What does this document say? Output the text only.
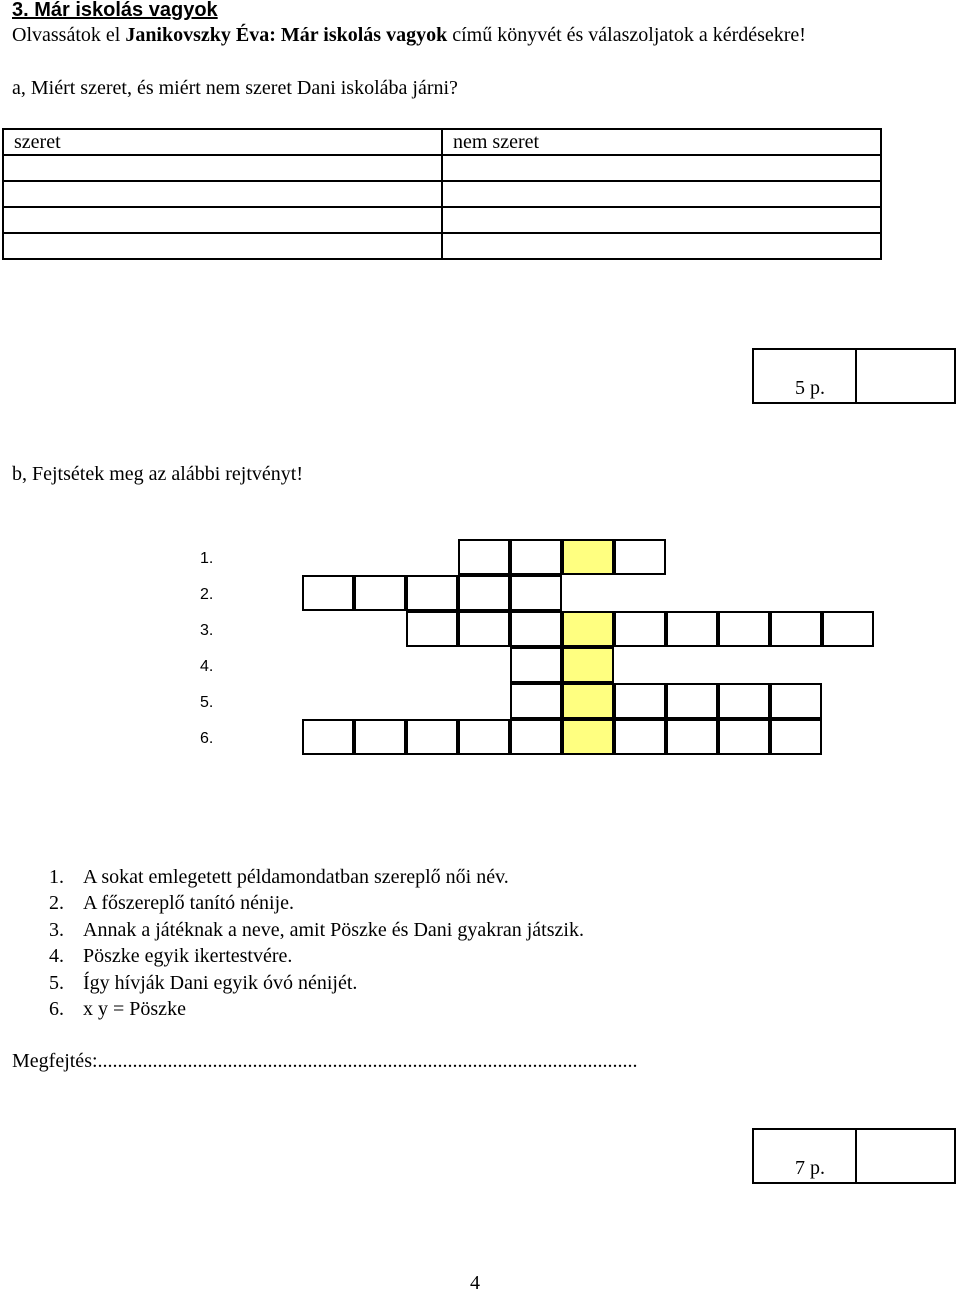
3. Már iskolás vagyok
Olvassátok el Janikovszky Éva: Már iskolás vagyok című könyvét és válaszoljatok a kérdésekre!
a, Miért szeret, és miért nem szeret Dani iskolába járni?
szeret	nem szeret

5 p.
b, Fejtsétek meg az alábbi rejtvényt!
1.
2.
3.
4.
5.
6.
1. A sokat emlegetett példamondatban szereplő női név.
2. A főszereplő tanító nénije.
3. Annak a játéknak a neve, amit Pöszke és Dani gyakran játszik.
4. Pöszke egyik ikertestvére.
5. Így hívják Dani egyik óvó nénijét.
6. x y = Pöszke
Megfejtés:............................................................................................................
7 p.
4
